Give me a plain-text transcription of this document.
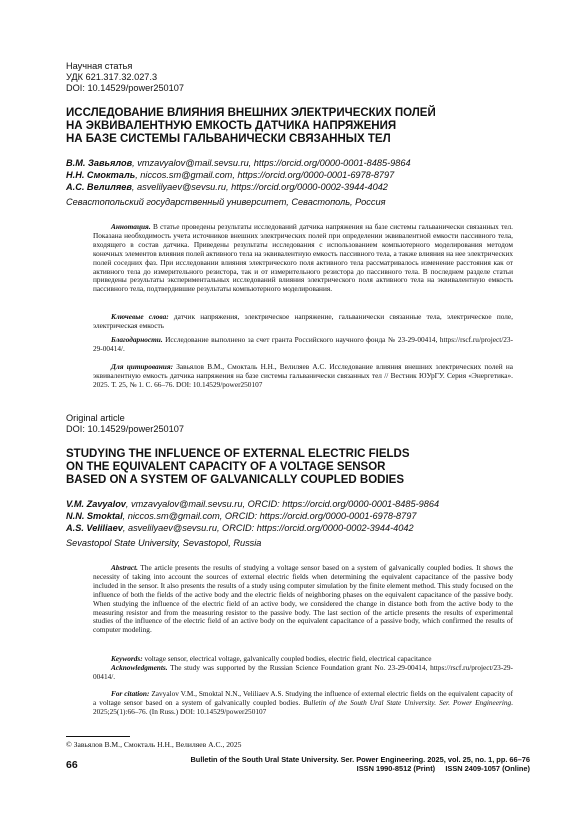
Научная статья
УДК 621.317.32.027.3
DOI: 10.14529/power250107
ИССЛЕДОВАНИЕ ВЛИЯНИЯ ВНЕШНИХ ЭЛЕКТРИЧЕСКИХ ПОЛЕЙ
НА ЭКВИВАЛЕНТНУЮ ЕМКОСТЬ ДАТЧИКА НАПРЯЖЕНИЯ
НА БАЗЕ СИСТЕМЫ ГАЛЬВАНИЧЕСКИ СВЯЗАННЫХ ТЕЛ
В.М. Завьялов, vmzavyalov@mail.sevsu.ru, https://orcid.org/0000-0001-8485-9864
Н.Н. Смокталь, niccos.sm@gmail.com, https://orcid.org/0000-0001-6978-8797
А.С. Велиляев, asvelilyaev@sevsu.ru, https://orcid.org/0000-0002-3944-4042
Севастопольский государственный университет, Севастополь, Россия
Аннотация. В статье проведены результаты исследований датчика напряжения на базе системы гальванически связанных тел. Показана необходимость учета источников внешних электрических полей при определении эквивалентной емкости пассивного тела, входящего в состав датчика. Приведены результаты исследования с использованием компьютерного моделирования методом конечных элементов влияния полей активного тела на эквивалентную емкость пассивного тела, а также влияния на нее электрических полей соседних фаз. При исследовании влияния электрического поля активного тела рассматривалось изменение расстояния как от активного тела до измерительного резистора, так и от измерительного резистора до пассивного тела. В последнем разделе статьи приведены результаты экспериментальных исследований влияния электрического поля активного тела на эквивалентную емкость пассивного тела, подтвердившие результаты компьютерного моделирования.
Ключевые слова: датчик напряжения, электрическое напряжение, гальванически связанные тела, электрическое поле, электрическая емкость
Благодарности. Исследование выполнено за счет гранта Российского научного фонда № 23-29-00414, https://rscf.ru/project/23-29-00414/.
Для цитирования: Завьялов В.М., Смокталь Н.Н., Велиляев А.С. Исследование влияния внешних электрических полей на эквивалентную емкость датчика напряжения на базе системы гальванически связанных тел // Вестник ЮУрГУ. Серия «Энергетика». 2025. Т. 25, № 1. С. 66–76. DOI: 10.14529/power250107
Original article
DOI: 10.14529/power250107
STUDYING THE INFLUENCE OF EXTERNAL ELECTRIC FIELDS
ON THE EQUIVALENT CAPACITY OF A VOLTAGE SENSOR
BASED ON A SYSTEM OF GALVANICALLY COUPLED BODIES
V.M. Zavyalov, vmzavyalov@mail.sevsu.ru, ORCID: https://orcid.org/0000-0001-8485-9864
N.N. Smoktal, niccos.sm@gmail.com, ORCID: https://orcid.org/0000-0001-6978-8797
A.S. Veliliaev, asvelilyaev@sevsu.ru, ORCID: https://orcid.org/0000-0002-3944-4042
Sevastopol State University, Sevastopol, Russia
Abstract. The article presents the results of studying a voltage sensor based on a system of galvanically coupled bodies. It shows the necessity of taking into account the sources of external electric fields when determining the equivalent capacitance of the passive body included in the sensor. It also presents the results of a study using computer simulation by the finite element method. This study focused on the influence of both the fields of the active body and the electric fields of neighboring phases on the equivalent capacitance of the passive body. When studying the influence of the electric field of an active body, we considered the change in distance both from the active body to the measuring resistor and from the measuring resistor to the passive body. The last section of the article presents the results of experimental studies of the influence of the electric field of an active body on the equivalent capacitance of a passive body, which confirmed the results of computer modeling.
Keywords: voltage sensor, electrical voltage, galvanically coupled bodies, electric field, electrical capacitance
Acknowledgments. The study was supported by the Russian Science Foundation grant No. 23-29-00414, https://rscf.ru/project/23-29-00414/.
For citation: Zavyalov V.M., Smoktal N.N., Veliliaev A.S. Studying the influence of external electric fields on the equivalent capacity of a voltage sensor based on a system of galvanically coupled bodies. Bulletin of the South Ural State University. Ser. Power Engineering. 2025;25(1):66–76. (In Russ.) DOI: 10.14529/power250107
© Завьялов В.М., Смокталь Н.Н., Велиляев А.С., 2025
66	Bulletin of the South Ural State University. Ser. Power Engineering. 2025, vol. 25, no. 1, pp. 66–76
ISSN 1990-8512 (Print)     ISSN 2409-1057 (Online)
